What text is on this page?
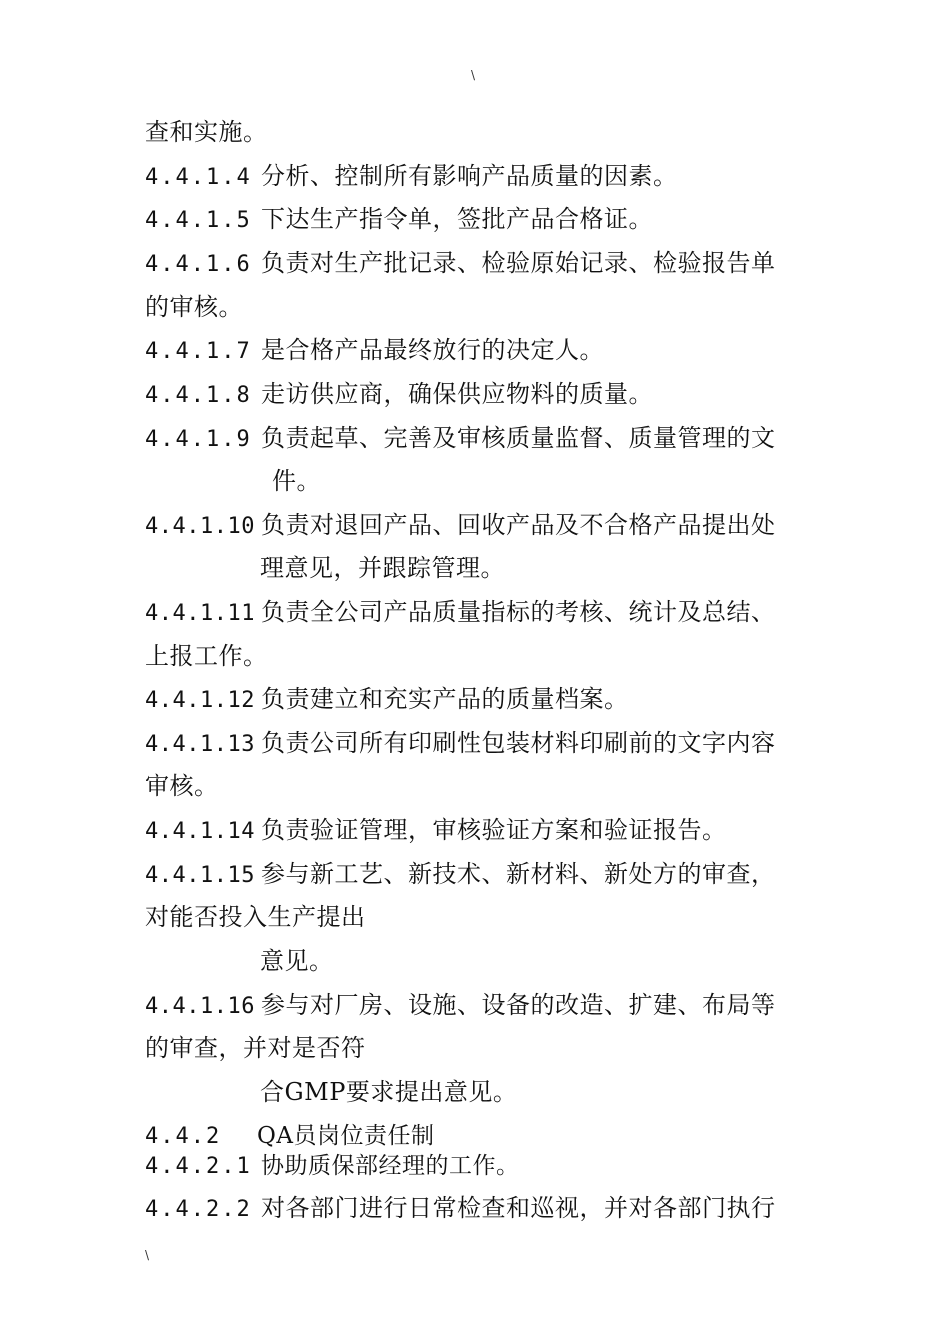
\
查和实施。
4.4.1.4 分析、控制所有影响产品质量的因素。
4.4.1.5 下达生产指令单，签批产品合格证。
4.4.1.6 负责对生产批记录、检验原始记录、检验报告单
的审核。
4.4.1.7 是合格产品最终放行的决定人。
4.4.1.8 走访供应商，确保供应物料的质量。
4.4.1.9 负责起草、完善及审核质量监督、质量管理的文
件。
4.4.1.10 负责对退回产品、回收产品及不合格产品提出处
理意见，并跟踪管理。
4.4.1.11 负责全公司产品质量指标的考核、统计及总结、
上报工作。
4.4.1.12 负责建立和充实产品的质量档案。
4.4.1.13 负责公司所有印刷性包装材料印刷前的文字内容
审核。
4.4.1.14 负责验证管理，审核验证方案和验证报告。
4.4.1.15 参与新工艺、新技术、新材料、新处方的审查，
对能否投入生产提出
意见。
4.4.1.16 参与对厂房、设施、设备的改造、扩建、布局等
的审查，并对是否符
合GMP要求提出意见。
4.4.2 QA员岗位责任制
4.4.2.1 协助质保部经理的工作。
4.4.2.2 对各部门进行日常检查和巡视，并对各部门执行
\
